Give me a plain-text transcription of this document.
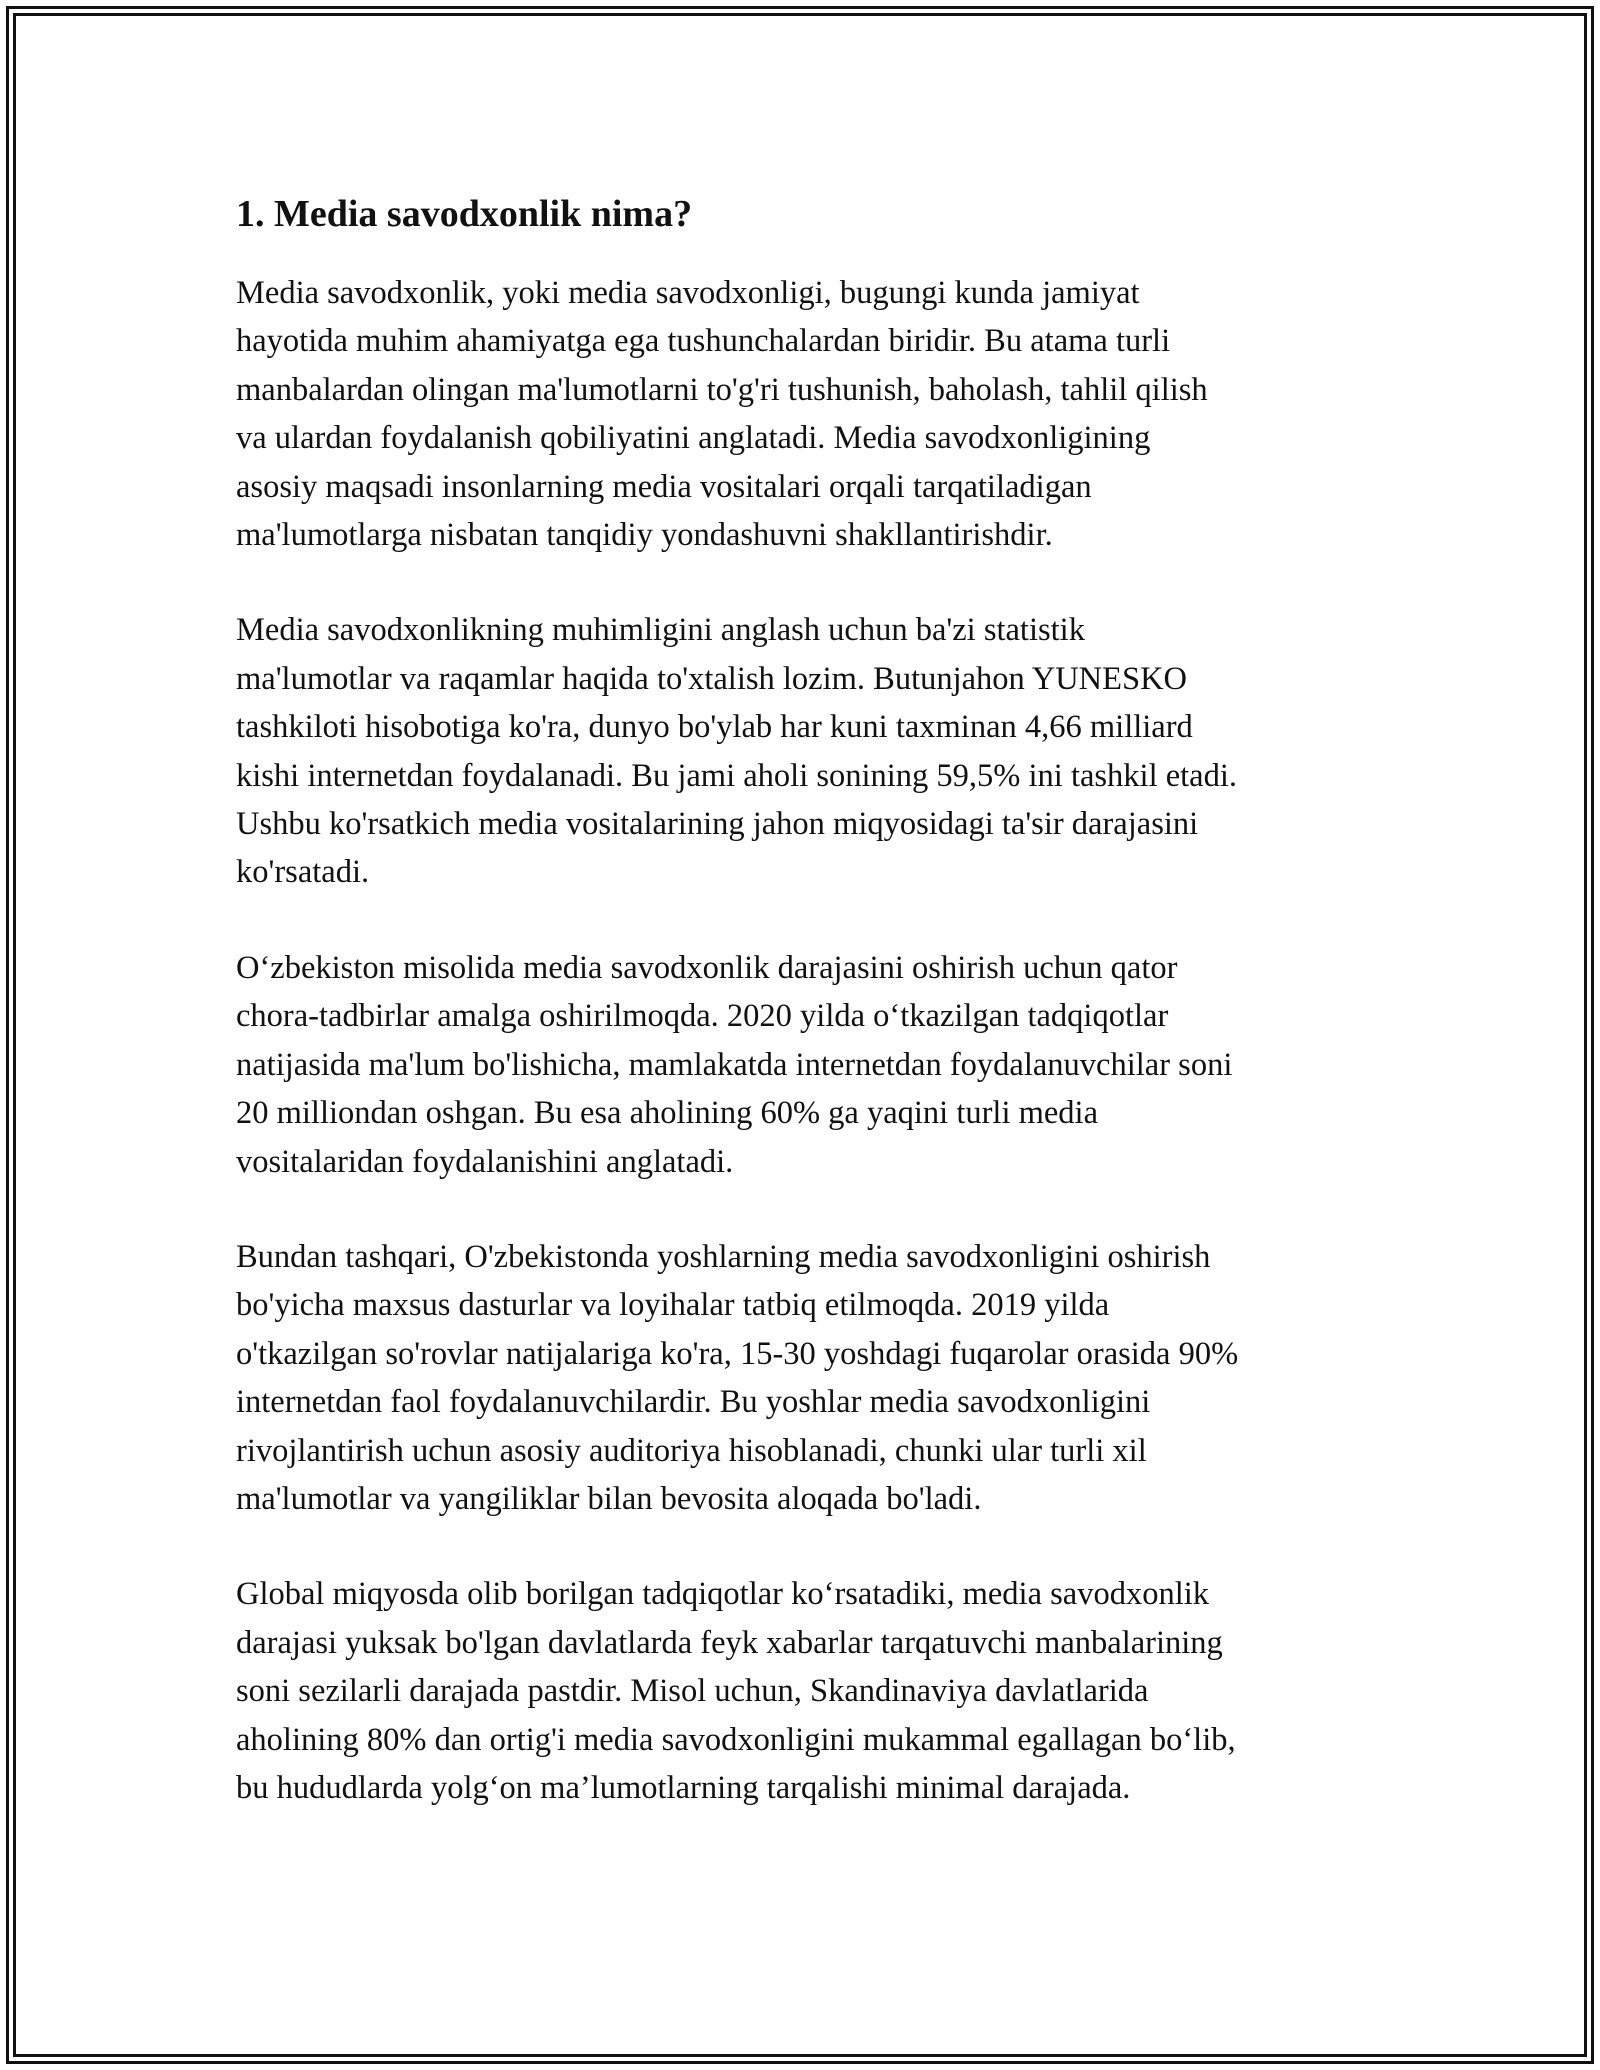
1. Media savodxonlik nima?
Media savodxonlik, yoki media savodxonligi, bugungi kunda jamiyat
hayotida muhim ahamiyatga ega tushunchalardan biridir. Bu atama turli
manbalardan olingan ma'lumotlarni to'g'ri tushunish, baholash, tahlil qilish
va ulardan foydalanish qobiliyatini anglatadi. Media savodxonligining
asosiy maqsadi insonlarning media vositalari orqali tarqatiladigan
ma'lumotlarga nisbatan tanqidiy yondashuvni shakllantirishdir.
Media savodxonlikning muhimligini anglash uchun ba'zi statistik
ma'lumotlar va raqamlar haqida to'xtalish lozim. Butunjahon YUNESKO
tashkiloti hisobotiga ko'ra, dunyo bo'ylab har kuni taxminan 4,66 milliard
kishi internetdan foydalanadi. Bu jami aholi sonining 59,5% ini tashkil etadi.
Ushbu ko'rsatkich media vositalarining jahon miqyosidagi ta'sir darajasini
ko'rsatadi.
O‘zbekiston misolida media savodxonlik darajasini oshirish uchun qator
chora-tadbirlar amalga oshirilmoqda. 2020 yilda o‘tkazilgan tadqiqotlar
natijasida ma'lum bo'lishicha, mamlakatda internetdan foydalanuvchilar soni
20 milliondan oshgan. Bu esa aholining 60% ga yaqini turli media
vositalaridan foydalanishini anglatadi.
Bundan tashqari, O'zbekistonda yoshlarning media savodxonligini oshirish
bo'yicha maxsus dasturlar va loyihalar tatbiq etilmoqda. 2019 yilda
o'tkazilgan so'rovlar natijalariga ko'ra, 15-30 yoshdagi fuqarolar orasida 90%
internetdan faol foydalanuvchilardir. Bu yoshlar media savodxonligini
rivojlantirish uchun asosiy auditoriya hisoblanadi, chunki ular turli xil
ma'lumotlar va yangiliklar bilan bevosita aloqada bo'ladi.
Global miqyosda olib borilgan tadqiqotlar ko‘rsatadiki, media savodxonlik
darajasi yuksak bo'lgan davlatlarda feyk xabarlar tarqatuvchi manbalarining
soni sezilarli darajada pastdir. Misol uchun, Skandinaviya davlatlarida
aholining 80% dan ortig'i media savodxonligini mukammal egallagan bo‘lib,
bu hududlarda yolg‘on ma’lumotlarning tarqalishi minimal darajada.
